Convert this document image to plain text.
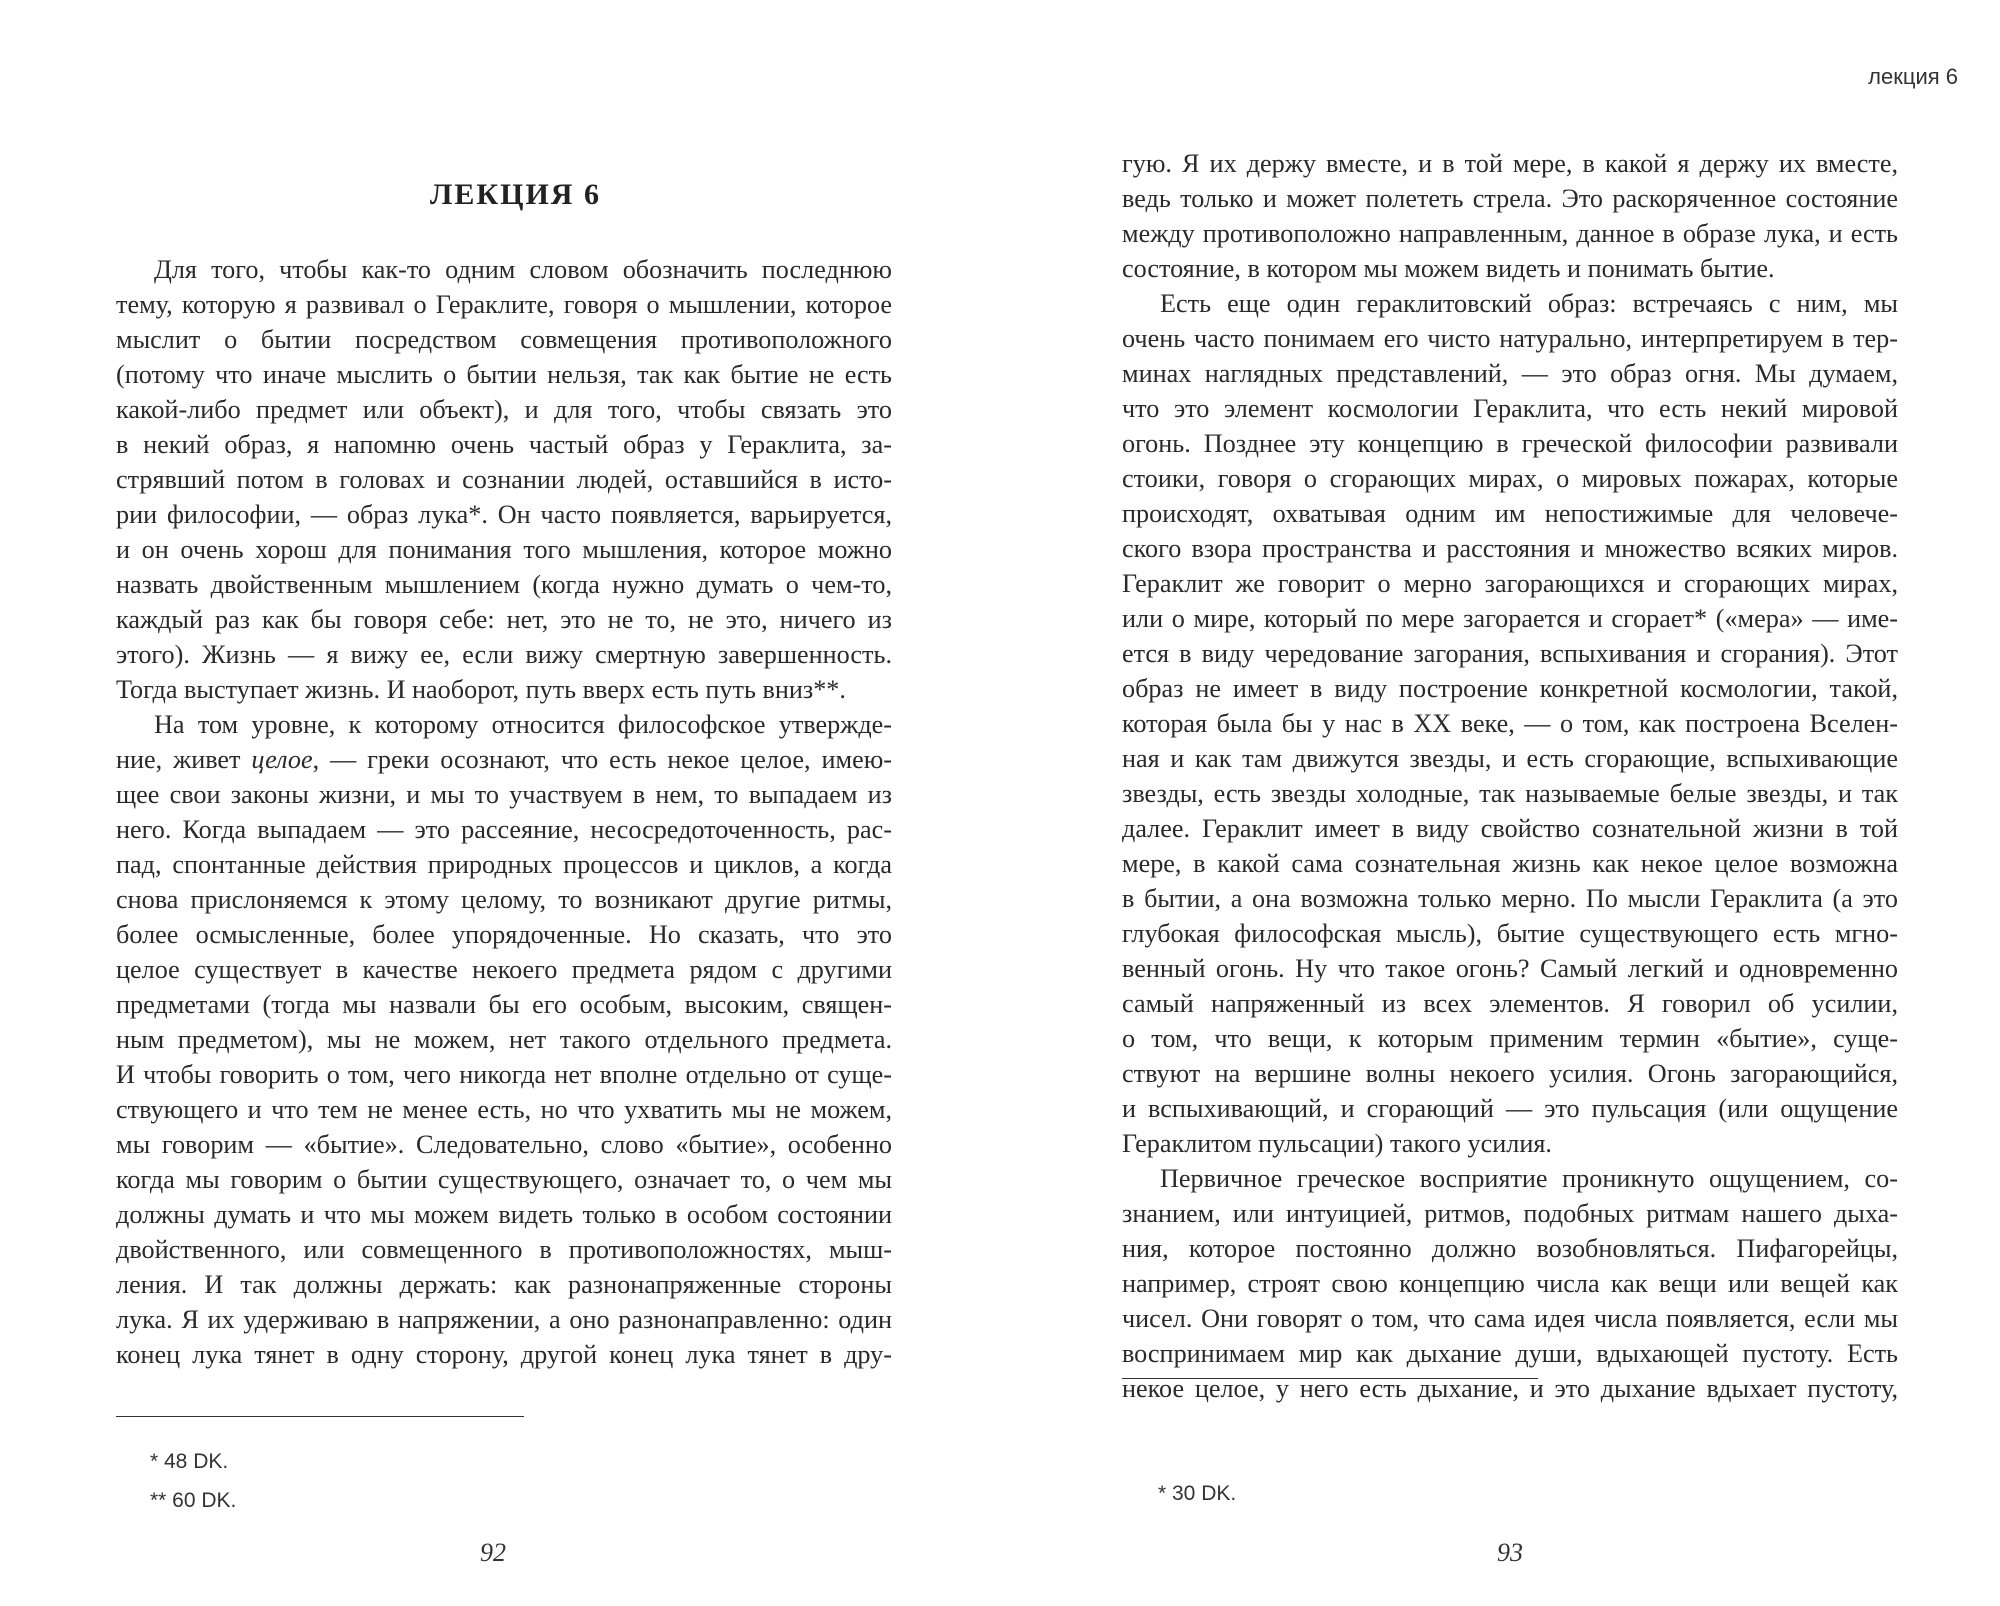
ЛЕКЦИЯ 6
Для того, чтобы как-то одним словом обозначить последнюю
тему, которую я развивал о Гераклите, говоря о мышлении, которое
мыслит о бытии посредством совмещения противоположного
(потому что иначе мыслить о бытии нельзя, так как бытие не есть
какой-либо предмет или объект), и для того, чтобы связать это
в некий образ, я напомню очень частый образ у Гераклита, за-
стрявший потом в головах и сознании людей, оставшийся в исто-
рии философии, — образ лука*. Он часто появляется, варьируется,
и он очень хорош для понимания того мышления, которое можно
назвать двойственным мышлением (когда нужно думать о чем-то,
каждый раз как бы говоря себе: нет, это не то, не это, ничего из
этого). Жизнь — я вижу ее, если вижу смертную завершенность.
Тогда выступает жизнь. И наоборот, путь вверх есть путь вниз**.
На том уровне, к которому относится философское утвержде-
ние, живет целое, — греки осознают, что есть некое целое, имею-
щее свои законы жизни, и мы то участвуем в нем, то выпадаем из
него. Когда выпадаем — это рассеяние, несосредоточенность, рас-
пад, спонтанные действия природных процессов и циклов, а когда
снова прислоняемся к этому целому, то возникают другие ритмы,
более осмысленные, более упорядоченные. Но сказать, что это
целое существует в качестве некоего предмета рядом с другими
предметами (тогда мы назвали бы его особым, высоким, священ-
ным предметом), мы не можем, нет такого отдельного предмета.
И чтобы говорить о том, чего никогда нет вполне отдельно от суще-
ствующего и что тем не менее есть, но что ухватить мы не можем,
мы говорим — «бытие». Следовательно, слово «бытие», особенно
когда мы говорим о бытии существующего, означает то, о чем мы
должны думать и что мы можем видеть только в особом состоянии
двойственного, или совмещенного в противоположностях, мыш-
ления. И так должны держать: как разнонапряженные стороны
лука. Я их удерживаю в напряжении, а оно разнонаправленно: один
конец лука тянет в одну сторону, другой конец лука тянет в дру-
* 48 DK.
** 60 DK.
92
лекция 6
гую. Я их держу вместе, и в той мере, в какой я держу их вместе,
ведь только и может полететь стрела. Это раскоряченное состояние
между противоположно направленным, данное в образе лука, и есть
состояние, в котором мы можем видеть и понимать бытие.
Есть еще один гераклитовский образ: встречаясь с ним, мы
очень часто понимаем его чисто натурально, интерпретируем в тер-
минах наглядных представлений, — это образ огня. Мы думаем,
что это элемент космологии Гераклита, что есть некий мировой
огонь. Позднее эту концепцию в греческой философии развивали
стоики, говоря о сгорающих мирах, о мировых пожарах, которые
происходят, охватывая одним им непостижимые для человече-
ского взора пространства и расстояния и множество всяких миров.
Гераклит же говорит о мерно загорающихся и сгорающих мирах,
или о мире, который по мере загорается и сгорает* («мера» — име-
ется в виду чередование загорания, вспыхивания и сгорания). Этот
образ не имеет в виду построение конкретной космологии, такой,
которая была бы у нас в XX веке, — о том, как построена Вселен-
ная и как там движутся звезды, и есть сгорающие, вспыхивающие
звезды, есть звезды холодные, так называемые белые звезды, и так
далее. Гераклит имеет в виду свойство сознательной жизни в той
мере, в какой сама сознательная жизнь как некое целое возможна
в бытии, а она возможна только мерно. По мысли Гераклита (а это
глубокая философская мысль), бытие существующего есть мгно-
венный огонь. Ну что такое огонь? Самый легкий и одновременно
самый напряженный из всех элементов. Я говорил об усилии,
о том, что вещи, к которым применим термин «бытие», суще-
ствуют на вершине волны некоего усилия. Огонь загорающийся,
и вспыхивающий, и сгорающий — это пульсация (или ощущение
Гераклитом пульсации) такого усилия.
Первичное греческое восприятие проникнуто ощущением, со-
знанием, или интуицией, ритмов, подобных ритмам нашего дыха-
ния, которое постоянно должно возобновляться. Пифагорейцы,
например, строят свою концепцию числа как вещи или вещей как
чисел. Они говорят о том, что сама идея числа появляется, если мы
воспринимаем мир как дыхание души, вдыхающей пустоту. Есть
некое целое, у него есть дыхание, и это дыхание вдыхает пустоту,
* 30 DK.
93
